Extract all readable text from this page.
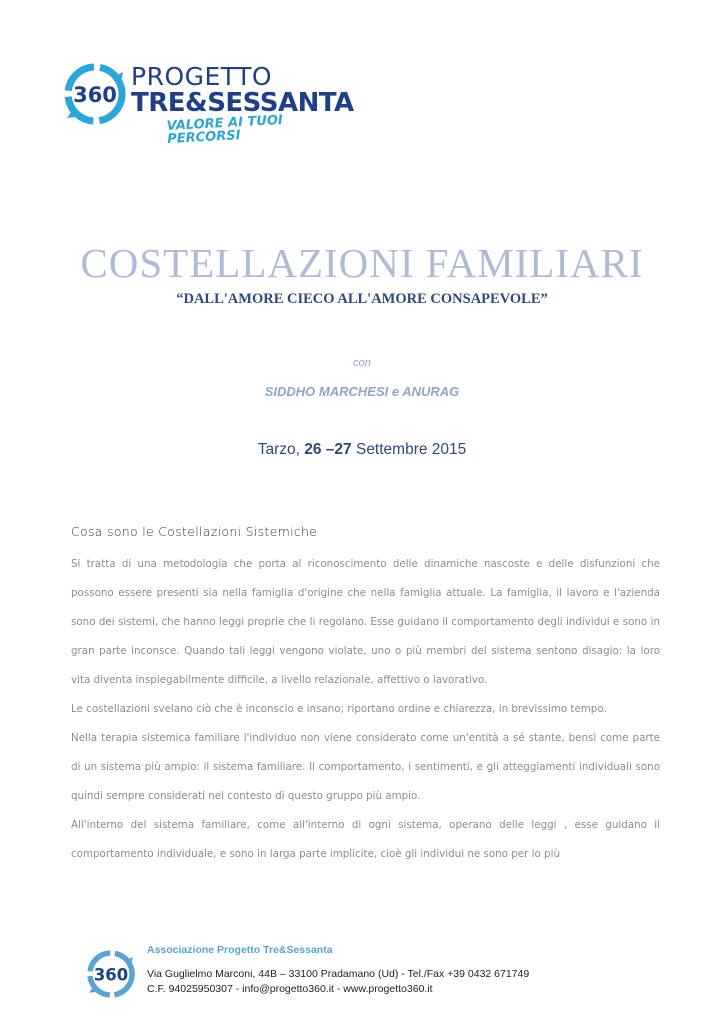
360
PROGETTO
TRE&SESSANTA
VALORE AI TUOI PERCORSI
COSTELLAZIONI FAMILIARI
“DALL'AMORE CIECO ALL'AMORE CONSAPEVOLE”
con
SIDDHO MARCHESI e ANURAG
Tarzo, 26 –27 Settembre 2015
Cosa sono le Costellazioni Sistemiche

Si tratta di una metodologia che porta al riconoscimento delle dinamiche nascoste e delle disfunzioni che possono essere presenti sia nella famiglia d'origine che nella famiglia attuale. La famiglia, il lavoro e l'azienda sono dei sistemi, che hanno leggi proprie che li regolano. Esse guidano il comportamento degli individui e sono in gran parte inconsce. Quando tali leggi vengono violate, uno o più membri del sistema sentono disagio: la loro vita diventa inspiegabilmente difficile, a livello relazionale, affettivo o lavorativo.

Le costellazioni svelano ciò che è inconscio e insano; riportano ordine e chiarezza, in brevissimo tempo.

Nella terapia sistemica familiare l'individuo non viene considerato come un'entità a sé stante, bensì come parte di un sistema più ampio: il sistema familiare. Il comportamento, i sentimenti, e gli atteggiamenti individuali sono quindi sempre considerati nel contesto di questo gruppo più ampio.

All'interno del sistema familiare, come all'interno di ogni sistema, operano delle leggi , esse guidano il comportamento individuale, e sono in larga parte implicite, cioè gli individui ne sono per lo più

360
Associazione Progetto Tre&Sessanta
Via Guglielmo Marconi, 44B – 33100 Pradamano (Ud) - Tel./Fax +39 0432 671749
C.F. 94025950307 - info@progetto360.it - www.progetto360.it
